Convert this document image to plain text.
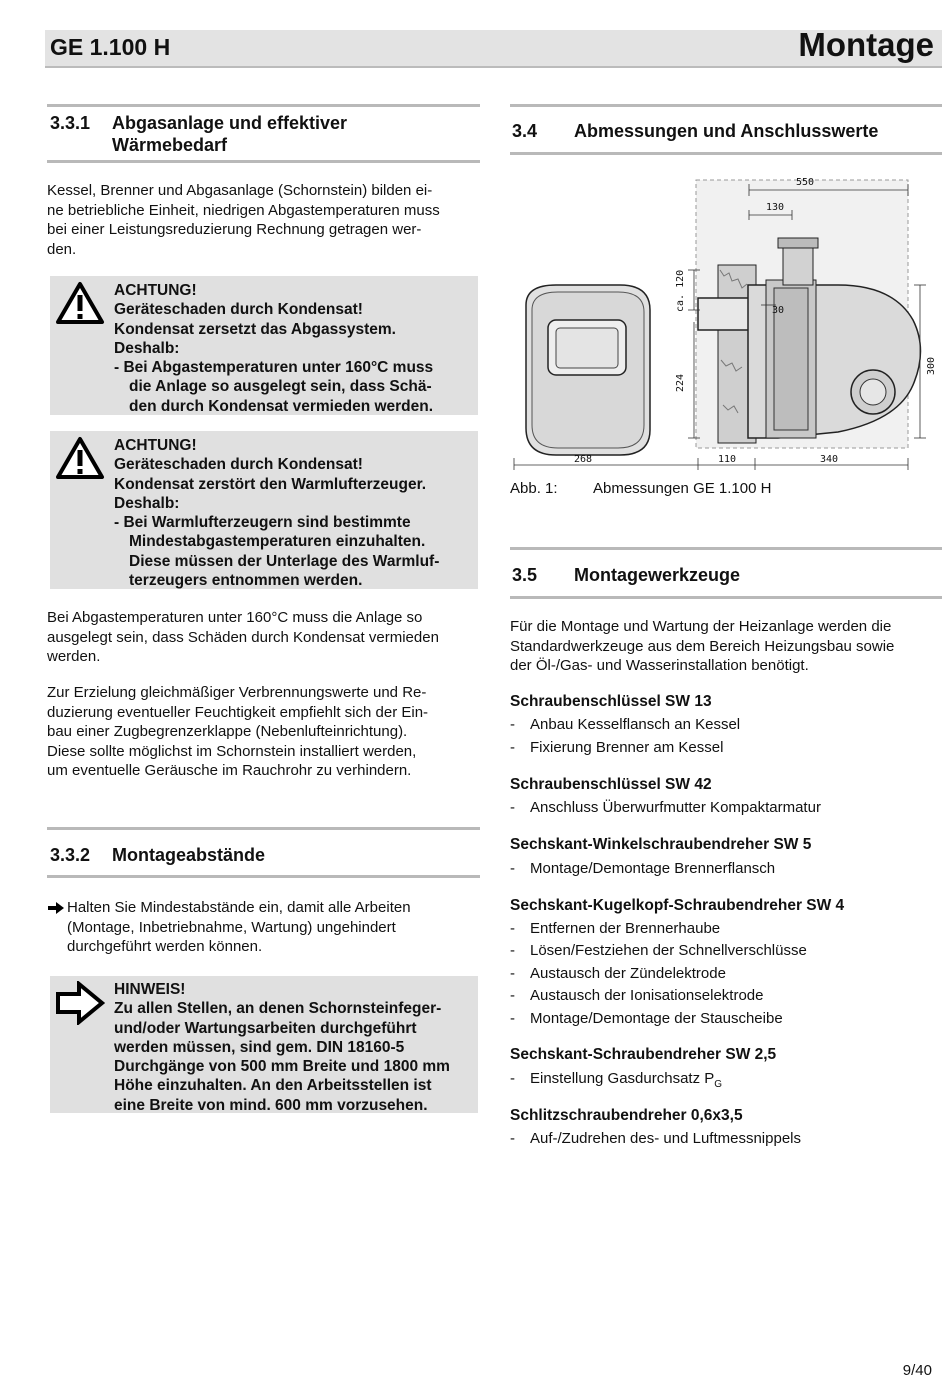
GE 1.100 H	Montage
3.3.1 Abgasanlage und effektiver
Wärmebedarf
Kessel, Brenner und Abgasanlage (Schornstein) bilden ei-
ne betriebliche Einheit, niedrigen Abgastemperaturen muss
bei einer Leistungsreduzierung Rechnung getragen wer-
den.
ACHTUNG!
Geräteschaden durch Kondensat!
Kondensat zersetzt das Abgassystem.
Deshalb:
- Bei Abgastemperaturen unter 160°C muss
die Anlage so ausgelegt sein, dass Schä-
den durch Kondensat vermieden werden.
ACHTUNG!
Geräteschaden durch Kondensat!
Kondensat zerstört den Warmlufterzeuger.
Deshalb:
- Bei Warmlufterzeugern sind bestimmte
Mindestabgastemperaturen einzuhalten.
Diese müssen der Unterlage des Warmluf-
terzeugers entnommen werden.
Bei Abgastemperaturen unter 160°C muss die Anlage so
ausgelegt sein, dass Schäden durch Kondensat vermieden
werden.
Zur Erzielung gleichmäßiger Verbrennungswerte und Re-
duzierung eventueller Feuchtigkeit empfiehlt sich der Ein-
bau einer Zugbegrenzerklappe (Nebenlufteinrichtung).
Diese sollte möglichst im Schornstein installiert werden,
um eventuelle Geräusche im Rauchrohr zu verhindern.
3.3.2 Montageabstände
Halten Sie Mindestabstände ein, damit alle Arbeiten
(Montage, Inbetriebnahme, Wartung) ungehindert
durchgeführt werden können.
HINWEIS!
Zu allen Stellen, an denen Schornsteinfeger-
und/oder Wartungsarbeiten durchgeführt
werden müssen, sind gem. DIN 18160-5
Durchgänge von 500 mm Breite und 1800 mm
Höhe einzuhalten. An den Arbeitsstellen ist
eine Breite von mind. 600 mm vorzusehen.
3.4 Abmessungen und Anschlusswerte
550
130
30
ca. 120
224
300
268	110	340
Abb. 1: Abmessungen GE 1.100 H
3.5 Montagewerkzeuge
Für die Montage und Wartung der Heizanlage werden die
Standardwerkzeuge aus dem Bereich Heizungsbau sowie
der Öl-/Gas- und Wasserinstallation benötigt.
Schraubenschlüssel SW 13
- Anbau Kesselflansch an Kessel
- Fixierung Brenner am Kessel
Schraubenschlüssel SW 42
- Anschluss Überwurfmutter Kompaktarmatur
Sechskant-Winkelschraubendreher SW 5
- Montage/Demontage Brennerflansch
Sechskant-Kugelkopf-Schraubendreher SW 4
- Entfernen der Brennerhaube
- Lösen/Festziehen der Schnellverschlüsse
- Austausch der Zündelektrode
- Austausch der Ionisationselektrode
- Montage/Demontage der Stauscheibe
Sechskant-Schraubendreher SW 2,5
- Einstellung Gasdurchsatz $P_G$
Schlitzschraubendreher 0,6x3,5
- Auf-/Zudrehen des- und Luftmessnippels
9/40
